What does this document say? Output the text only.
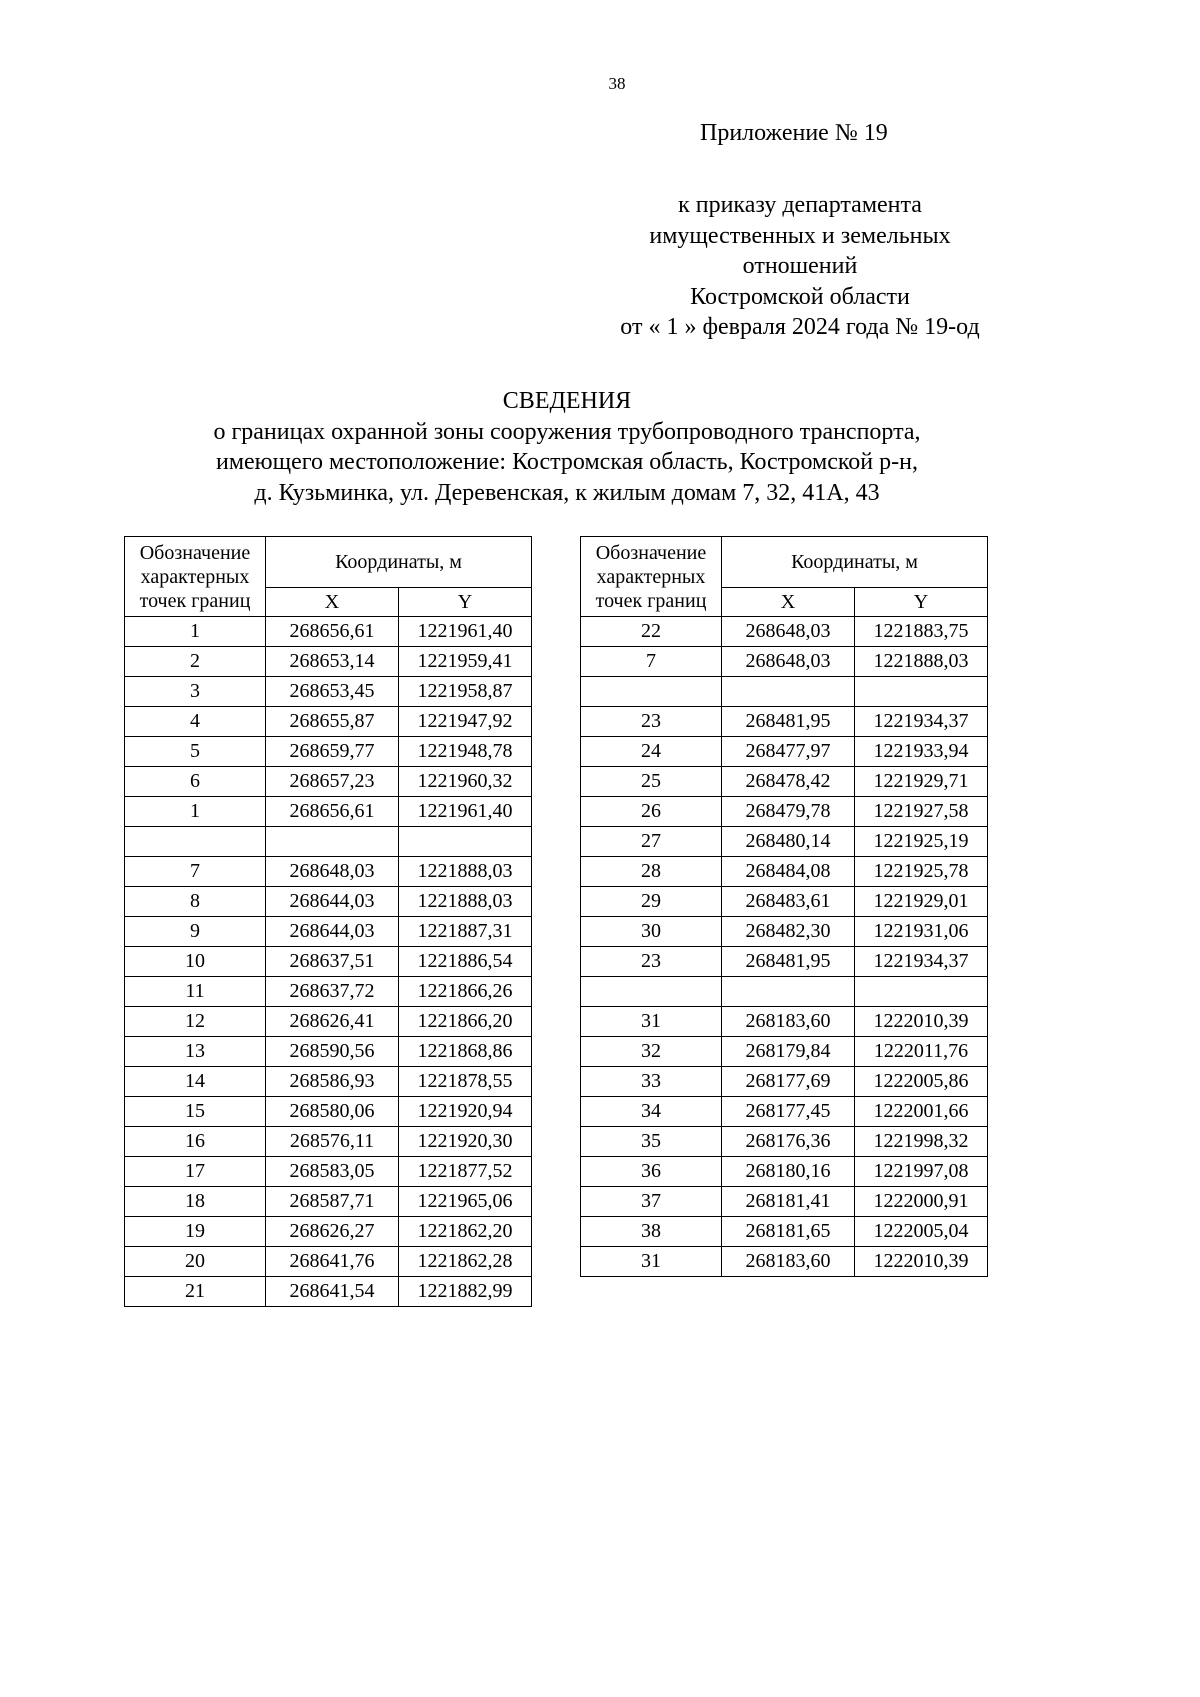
38
Приложение № 19
к приказу департамента
имущественных и земельных
отношений
Костромской области
от « 1 » февраля 2024 года № 19-од
СВЕДЕНИЯ
о границах охранной зоны сооружения трубопроводного транспорта,
имеющего местоположение: Костромская область, Костромской р-н,
д. Кузьминка, ул. Деревенская, к жилым домам 7, 32, 41А, 43
Обозначение характерных точек границ	Координаты, м	
	X	Y
1	268656,61	1221961,40
2	268653,14	1221959,41
3	268653,45	1221958,87
4	268655,87	1221947,92
5	268659,77	1221948,78
6	268657,23	1221960,32
1	268656,61	1221961,40

7	268648,03	1221888,03
8	268644,03	1221888,03
9	268644,03	1221887,31
10	268637,51	1221886,54
11	268637,72	1221866,26
12	268626,41	1221866,20
13	268590,56	1221868,86
14	268586,93	1221878,55
15	268580,06	1221920,94
16	268576,11	1221920,30
17	268583,05	1221877,52
18	268587,71	1221965,06
19	268626,27	1221862,20
20	268641,76	1221862,28
21	268641,54	1221882,99
Обозначение характерных точек границ	Координаты, м	
	X	Y
22	268648,03	1221883,75
7	268648,03	1221888,03

23	268481,95	1221934,37
24	268477,97	1221933,94
25	268478,42	1221929,71
26	268479,78	1221927,58
27	268480,14	1221925,19
28	268484,08	1221925,78
29	268483,61	1221929,01
30	268482,30	1221931,06
23	268481,95	1221934,37

31	268183,60	1222010,39
32	268179,84	1222011,76
33	268177,69	1222005,86
34	268177,45	1222001,66
35	268176,36	1221998,32
36	268180,16	1221997,08
37	268181,41	1222000,91
38	268181,65	1222005,04
31	268183,60	1222010,39
